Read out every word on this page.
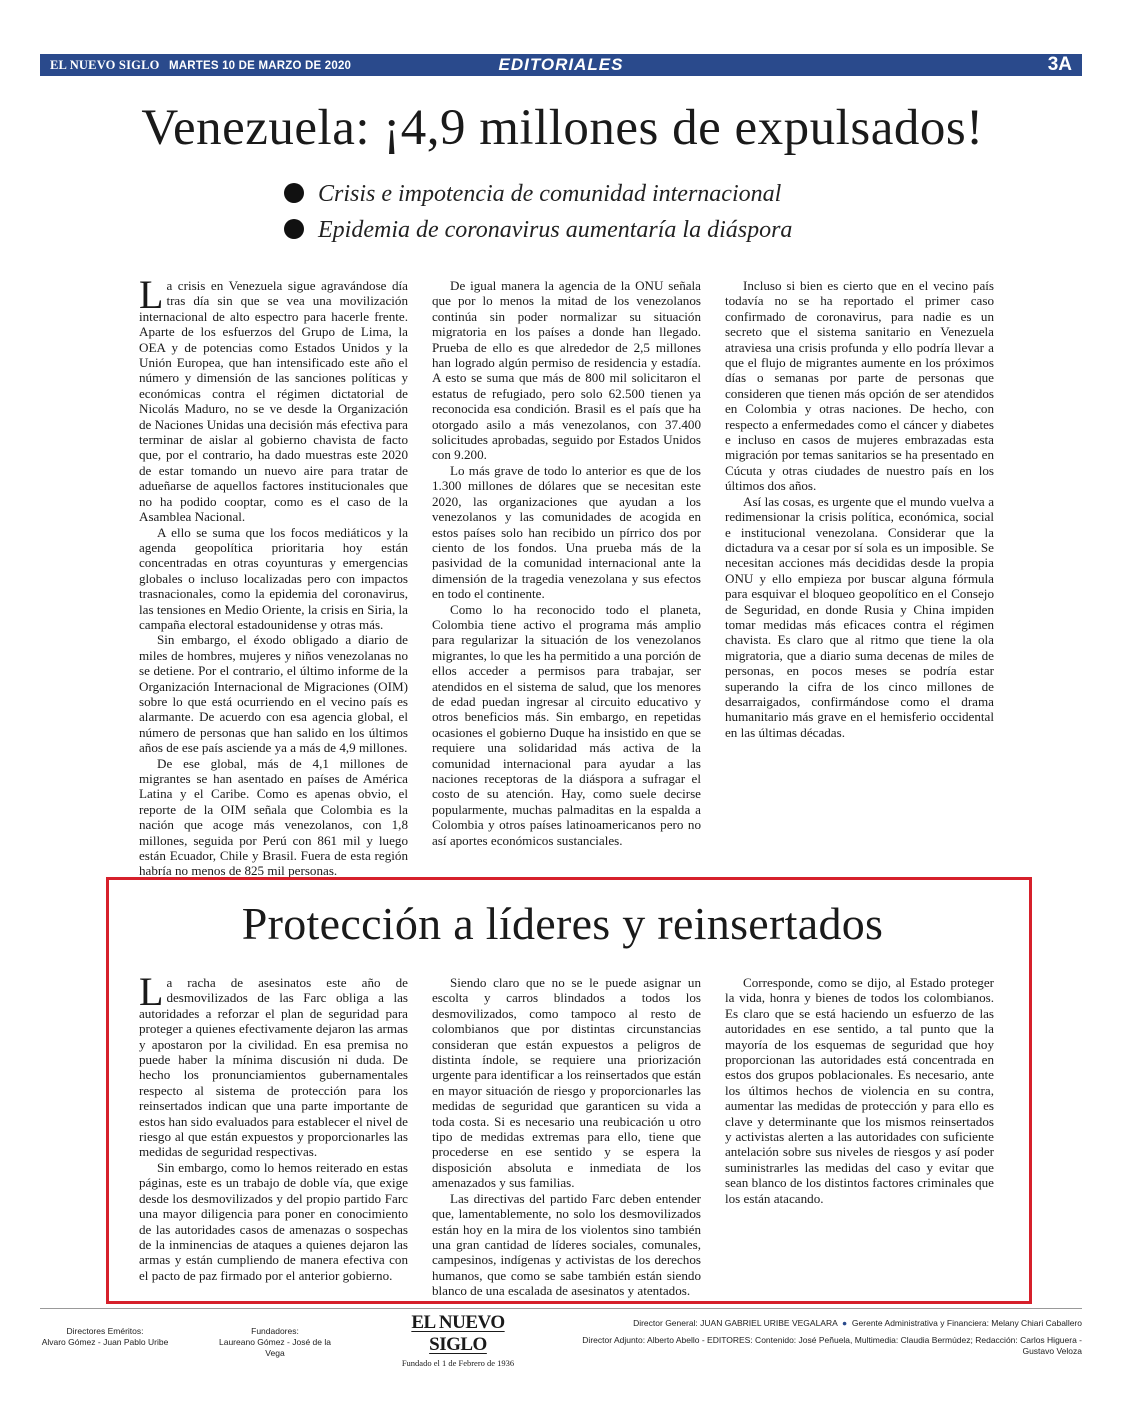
EL NUEVO SIGLO MARTES 10 DE MARZO DE 2020	EDITORIALES	3A
Venezuela: ¡4,9 millones de expulsados!
Crisis e impotencia de comunidad internacional
Epidemia de coronavirus aumentaría la diáspora

La crisis en Venezuela sigue agravándose día tras día sin que se vea una movilización internacional de alto espectro para hacerle frente. Aparte de los esfuerzos del Grupo de Lima, la OEA y de potencias como Estados Unidos y la Unión Europea, que han intensificado este año el número y dimensión de las sanciones políticas y económicas contra el régimen dictatorial de Nicolás Maduro, no se ve desde la Organización de Naciones Unidas una decisión más efectiva para terminar de aislar al gobierno chavista de facto que, por el contrario, ha dado muestras este 2020 de estar tomando un nuevo aire para tratar de adueñarse de aquellos factores institucionales que no ha podido cooptar, como es el caso de la Asamblea Nacional.

A ello se suma que los focos mediáticos y la agenda geopolítica prioritaria hoy están concentradas en otras coyunturas y emergencias globales o incluso localizadas pero con impactos trasnacionales, como la epidemia del coronavirus, las tensiones en Medio Oriente, la crisis en Siria, la campaña electoral estadounidense y otras más.

Sin embargo, el éxodo obligado a diario de miles de hombres, mujeres y niños venezolanas no se detiene. Por el contrario, el último informe de la Organización Internacional de Migraciones (OIM) sobre lo que está ocurriendo en el vecino país es alarmante. De acuerdo con esa agencia global, el número de personas que han salido en los últimos años de ese país asciende ya a más de 4,9 millones.

De ese global, más de 4,1 millones de migrantes se han asentado en países de América Latina y el Caribe. Como es apenas obvio, el reporte de la OIM señala que Colombia es la nación que acoge más venezolanos, con 1,8 millones, seguida por Perú con 861 mil y luego están Ecuador, Chile y Brasil. Fuera de esta región habría no menos de 825 mil personas.

De igual manera la agencia de la ONU señala que por lo menos la mitad de los venezolanos continúa sin poder normalizar su situación migratoria en los países a donde han llegado. Prueba de ello es que alrededor de 2,5 millones han logrado algún permiso de residencia y estadía. A esto se suma que más de 800 mil solicitaron el estatus de refugiado, pero solo 62.500 tienen ya reconocida esa condición. Brasil es el país que ha otorgado asilo a más venezolanos, con 37.400 solicitudes aprobadas, seguido por Estados Unidos con 9.200.

Lo más grave de todo lo anterior es que de los 1.300 millones de dólares que se necesitan este 2020, las organizaciones que ayudan a los venezolanos y las comunidades de acogida en estos países solo han recibido un pírrico dos por ciento de los fondos. Una prueba más de la pasividad de la comunidad internacional ante la dimensión de la tragedia venezolana y sus efectos en todo el continente.

Como lo ha reconocido todo el planeta, Colombia tiene activo el programa más amplio para regularizar la situación de los venezolanos migrantes, lo que les ha permitido a una porción de ellos acceder a permisos para trabajar, ser atendidos en el sistema de salud, que los menores de edad puedan ingresar al circuito educativo y otros beneficios más. Sin embargo, en repetidas ocasiones el gobierno Duque ha insistido en que se requiere una solidaridad más activa de la comunidad internacional para ayudar a las naciones receptoras de la diáspora a sufragar el costo de su atención. Hay, como suele decirse popularmente, muchas palmaditas en la espalda a Colombia y otros países latinoamericanos pero no así aportes económicos sustanciales.

Incluso si bien es cierto que en el vecino país todavía no se ha reportado el primer caso confirmado de coronavirus, para nadie es un secreto que el sistema sanitario en Venezuela atraviesa una crisis profunda y ello podría llevar a que el flujo de migrantes aumente en los próximos días o semanas por parte de personas que consideren que tienen más opción de ser atendidos en Colombia y otras naciones. De hecho, con respecto a enfermedades como el cáncer y diabetes e incluso en casos de mujeres embrazadas esta migración por temas sanitarios se ha presentado en Cúcuta y otras ciudades de nuestro país en los últimos dos años.

Así las cosas, es urgente que el mundo vuelva a redimensionar la crisis política, económica, social e institucional venezolana. Considerar que la dictadura va a cesar por sí sola es un imposible. Se necesitan acciones más decididas desde la propia ONU y ello empieza por buscar alguna fórmula para esquivar el bloqueo geopolítico en el Consejo de Seguridad, en donde Rusia y China impiden tomar medidas más eficaces contra el régimen chavista. Es claro que al ritmo que tiene la ola migratoria, que a diario suma decenas de miles de personas, en pocos meses se podría estar superando la cifra de los cinco millones de desarraigados, confirmándose como el drama humanitario más grave en el hemisferio occidental en las últimas décadas.

Protección a líderes y reinsertados

La racha de asesinatos este año de desmovilizados de las Farc obliga a las autoridades a reforzar el plan de seguridad para proteger a quienes efectivamente dejaron las armas y apostaron por la civilidad. En esa premisa no puede haber la mínima discusión ni duda. De hecho los pronunciamientos gubernamentales respecto al sistema de protección para los reinsertados indican que una parte importante de estos han sido evaluados para establecer el nivel de riesgo al que están expuestos y proporcionarles las medidas de seguridad respectivas.

Sin embargo, como lo hemos reiterado en estas páginas, este es un trabajo de doble vía, que exige desde los desmovilizados y del propio partido Farc una mayor diligencia para poner en conocimiento de las autoridades casos de amenazas o sospechas de la inminencias de ataques a quienes dejaron las armas y están cumpliendo de manera efectiva con el pacto de paz firmado por el anterior gobierno.

Siendo claro que no se le puede asignar un escolta y carros blindados a todos los desmovilizados, como tampoco al resto de colombianos que por distintas circunstancias consideran que están expuestos a peligros de distinta índole, se requiere una priorización urgente para identificar a los reinsertados que están en mayor situación de riesgo y proporcionarles las medidas de seguridad que garanticen su vida a toda costa. Si es necesario una reubicación u otro tipo de medidas extremas para ello, tiene que procederse en ese sentido y se espera la disposición absoluta e inmediata de los amenazados y sus familias.

Las directivas del partido Farc deben entender que, lamentablemente, no solo los desmovilizados están hoy en la mira de los violentos sino también una gran cantidad de líderes sociales, comunales, campesinos, indígenas y activistas de los derechos humanos, que como se sabe también están siendo blanco de una escalada de asesinatos y atentados.

Corresponde, como se dijo, al Estado proteger la vida, honra y bienes de todos los colombianos. Es claro que se está haciendo un esfuerzo de las autoridades en ese sentido, a tal punto que la mayoría de los esquemas de seguridad que hoy proporcionan las autoridades está concentrada en estos dos grupos poblacionales. Es necesario, ante los últimos hechos de violencia en su contra, aumentar las medidas de protección y para ello es clave y determinante que los mismos reinsertados y activistas alerten a las autoridades con suficiente antelación sobre sus niveles de riesgos y así poder suministrarles las medidas del caso y evitar que sean blanco de los distintos factores criminales que los están atacando.

Directores Eméritos:
Alvaro Gómez - Juan Pablo Uribe
Fundadores:
Laureano Gómez - José de la Vega
EL NUEVO SIGLO
Fundado el 1 de Febrero de 1936
Director General: JUAN GABRIEL URIBE VEGALARA  ●  Gerente Administrativa y Financiera: Melany Chiari Caballero
Director Adjunto: Alberto Abello - EDITORES: Contenido: José Peñuela, Multimedia: Claudia Bermúdez; Redacción: Carlos Higuera - Gustavo Veloza
